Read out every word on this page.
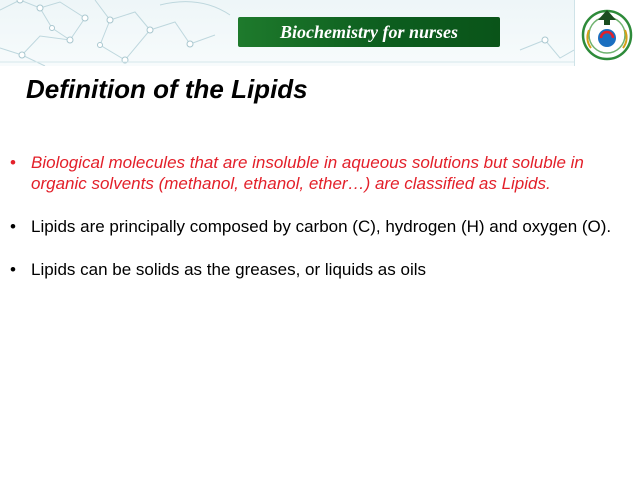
Biochemistry for nurses
Definition of the Lipids
• Biological molecules that are insoluble in aqueous solutions but soluble in organic solvents (methanol, ethanol, ether…) are classified as Lipids.
• Lipids are principally composed by carbon (C), hydrogen (H) and oxygen (O).
• Lipids can be solids as the greases, or liquids as oils
